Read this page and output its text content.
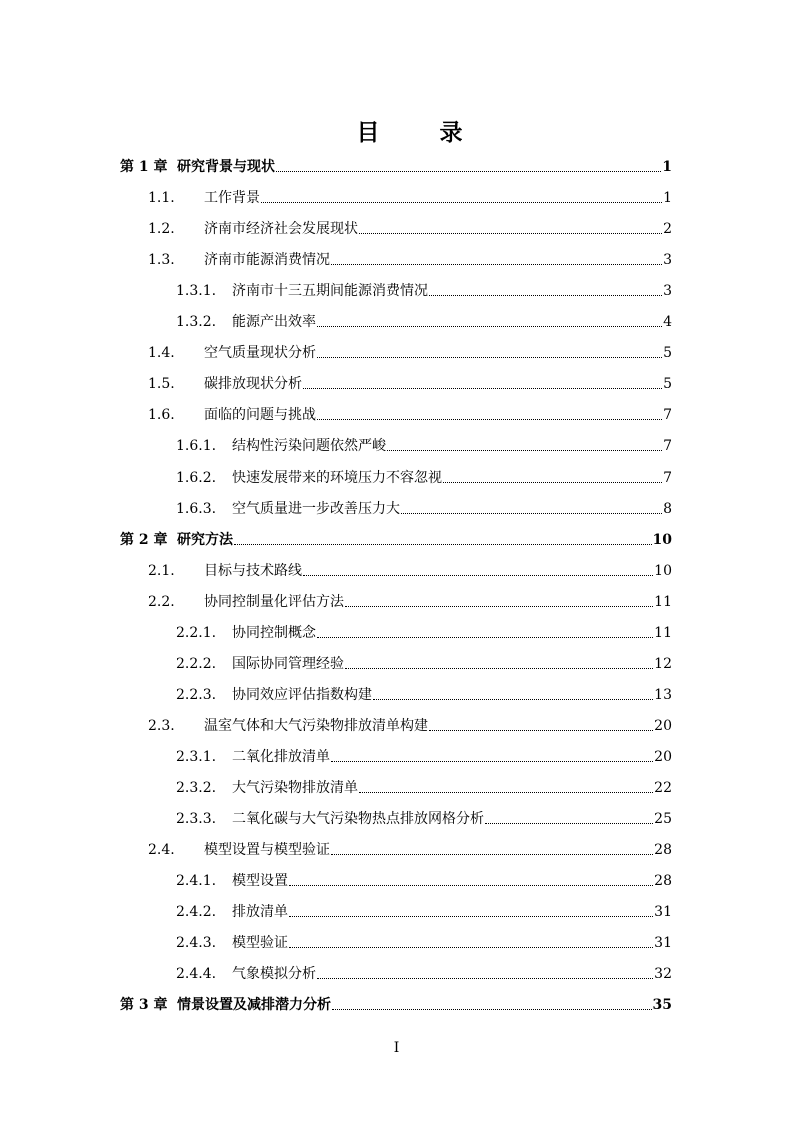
目 录
第 1 章 研究背景与现状	1
1.1.	工作背景	1
1.2.	济南市经济社会发展现状	2
1.3.	济南市能源消费情况	3
1.3.1.	济南市十三五期间能源消费情况	3
1.3.2.	能源产出效率	4
1.4.	空气质量现状分析	5
1.5.	碳排放现状分析	5
1.6.	面临的问题与挑战	7
1.6.1.	结构性污染问题依然严峻	7
1.6.2.	快速发展带来的环境压力不容忽视	7
1.6.3.	空气质量进一步改善压力大	8
第 2 章 研究方法	10
2.1.	目标与技术路线	10
2.2.	协同控制量化评估方法	11
2.2.1.	协同控制概念	11
2.2.2.	国际协同管理经验	12
2.2.3.	协同效应评估指数构建	13
2.3.	温室气体和大气污染物排放清单构建	20
2.3.1.	二氧化排放清单	20
2.3.2.	大气污染物排放清单	22
2.3.3.	二氧化碳与大气污染物热点排放网格分析	25
2.4.	模型设置与模型验证	28
2.4.1.	模型设置	28
2.4.2.	排放清单	31
2.4.3.	模型验证	31
2.4.4.	气象模拟分析	32
第 3 章 情景设置及减排潜力分析	35
I
